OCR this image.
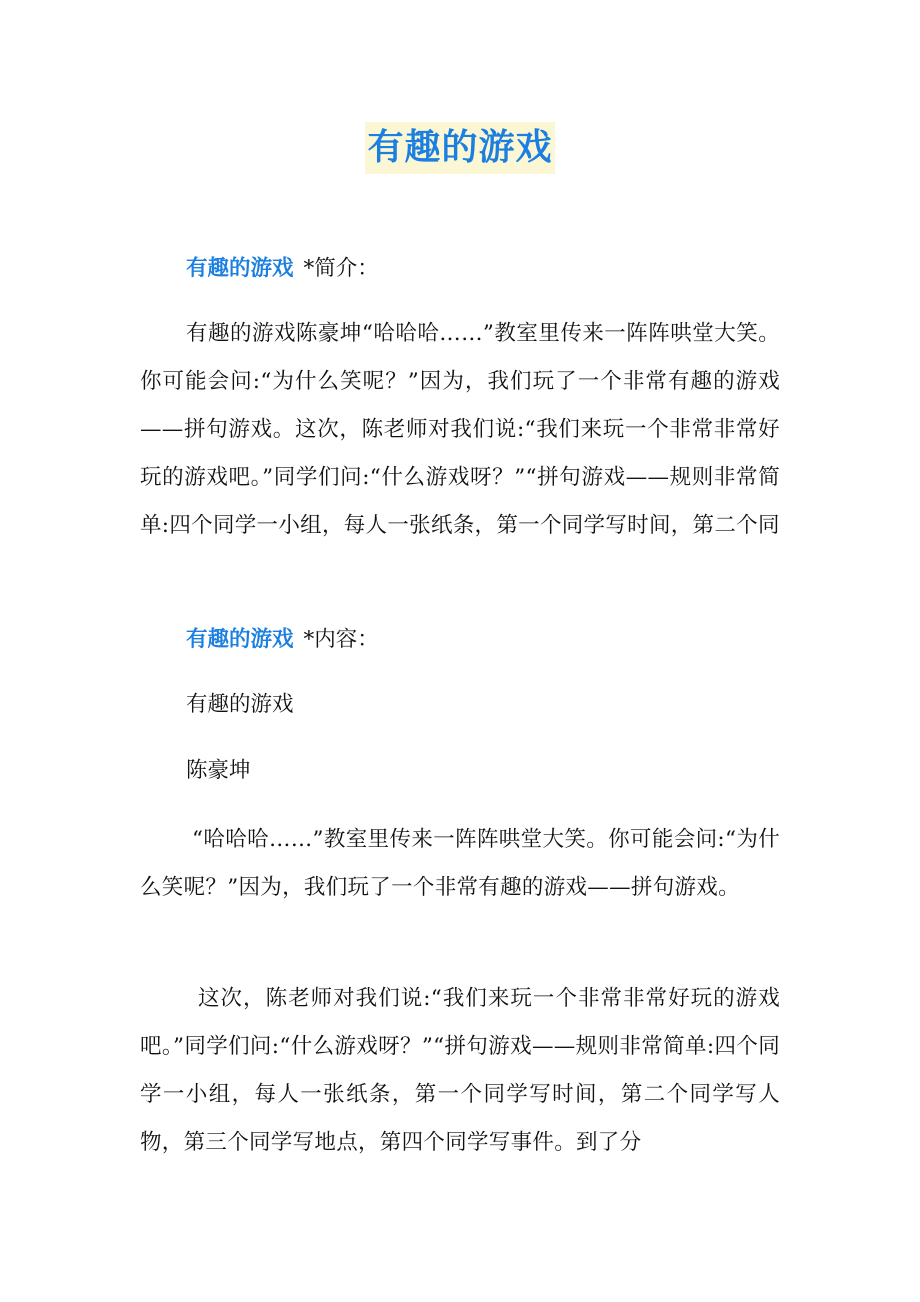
有趣的游戏
有趣的游戏 *简介：
有趣的游戏陈豪坤“哈哈哈……”教室里传来一阵阵哄堂大笑。你可能会问:“为什么笑呢？”因为，我们玩了一个非常有趣的游戏——拼句游戏。这次，陈老师对我们说:“我们来玩一个非常非常好玩的游戏吧。”同学们问:“什么游戏呀？”“拼句游戏——规则非常简单:四个同学一小组，每人一张纸条，第一个同学写时间，第二个同
有趣的游戏 *内容：
有趣的游戏
陈豪坤
“哈哈哈……”教室里传来一阵阵哄堂大笑。你可能会问:“为什么笑呢？”因为，我们玩了一个非常有趣的游戏——拼句游戏。
这次，陈老师对我们说:“我们来玩一个非常非常好玩的游戏吧。”同学们问:“什么游戏呀？”“拼句游戏——规则非常简单:四个同学一小组，每人一张纸条，第一个同学写时间，第二个同学写人物，第三个同学写地点，第四个同学写事件。到了分
